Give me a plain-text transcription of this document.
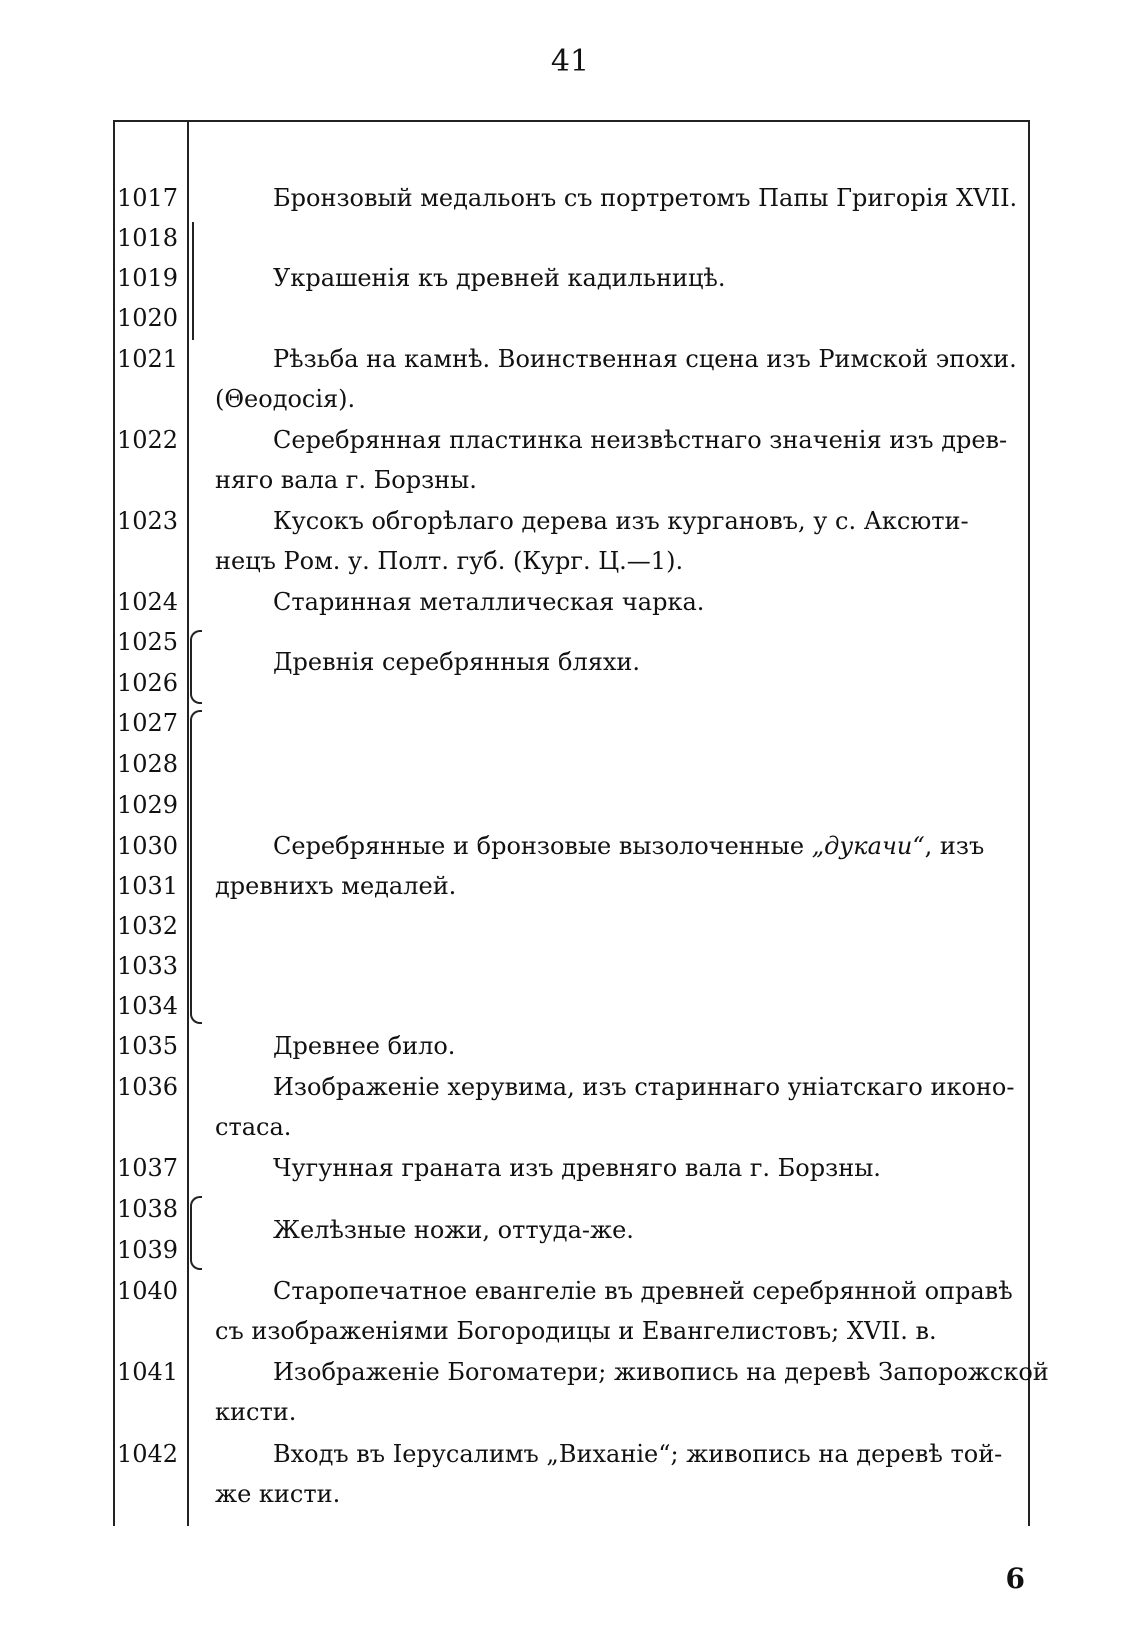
41
1017
1018
1019
1020
1021
1022
1023
1024
1025
1026
1027
1028
1029
1030
1031
1032
1033
1034
1035
1036
1037
1038
1039
1040
1041
1042
Бронзовый медальонъ съ портретомъ Папы Григорія XVII.
Украшенія къ древней кадильницѣ.
Рѣзьба на камнѣ. Воинственная сцена изъ Римской эпохи.
(Θеодосія).
Серебрянная пластинка неизвѣстнаго значенія изъ древ-
няго вала г. Борзны.
Кусокъ обгорѣлаго дерева изъ кургановъ, у с. Аксюти-
нецъ Ром. у. Полт. губ. (Кург. Ц.—1).
Старинная металлическая чарка.
Древнія серебрянныя бляхи.
Серебрянные и бронзовые вызолоченные „дукачи“, изъ
древнихъ медалей.
Древнее било.
Изображеніе херувима, изъ стариннаго уніатскаго иконо-
стаса.
Чугунная граната изъ древняго вала г. Борзны.
Желѣзные ножи, оттуда-же.
Старопечатное евангеліе въ древней серебрянной оправѣ
съ изображеніями Богородицы и Евангелистовъ; XVII. в.
Изображеніе Богоматери; живопись на деревѣ Запорожской
кисти.
Входъ въ Іерусалимъ „Виханіе“; живопись на деревѣ той-
же кисти.
6
